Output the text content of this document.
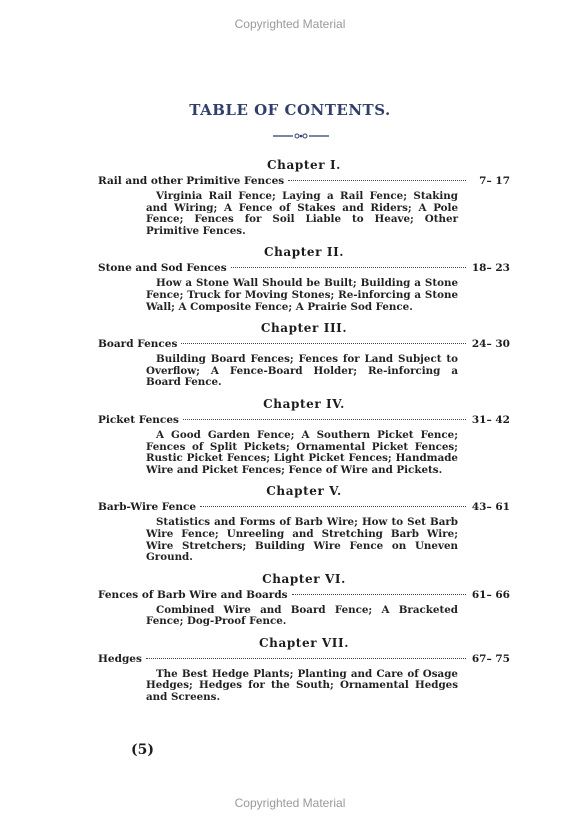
Copyrighted Material
TABLE OF CONTENTS.
Chapter I.
Rail and other Primitive Fences	7– 17
Virginia Rail Fence; Laying a Rail Fence; Staking and Wiring; A Fence of Stakes and Riders; A Pole Fence; Fences for Soil Liable to Heave; Other Primitive Fences.
Chapter II.
Stone and Sod Fences	18– 23
How a Stone Wall Should be Built; Building a Stone Fence; Truck for Moving Stones; Re-inforcing a Stone Wall; A Composite Fence; A Prairie Sod Fence.
Chapter III.
Board Fences	24– 30
Building Board Fences; Fences for Land Subject to Overflow; A Fence-Board Holder; Re-inforcing a Board Fence.
Chapter IV.
Picket Fences	31– 42
A Good Garden Fence; A Southern Picket Fence; Fences of Split Pickets; Ornamental Picket Fences; Rustic Picket Fences; Light Picket Fences; Handmade Wire and Picket Fences; Fence of Wire and Pickets.
Chapter V.
Barb-Wire Fence	43– 61
Statistics and Forms of Barb Wire; How to Set Barb Wire Fence; Unreeling and Stretching Barb Wire; Wire Stretchers; Building Wire Fence on Uneven Ground.
Chapter VI.
Fences of Barb Wire and Boards	61– 66
Combined Wire and Board Fence; A Bracketed Fence; Dog-Proof Fence.
Chapter VII.
Hedges	67– 75
The Best Hedge Plants; Planting and Care of Osage Hedges; Hedges for the South; Ornamental Hedges and Screens.
(5)
Copyrighted Material
